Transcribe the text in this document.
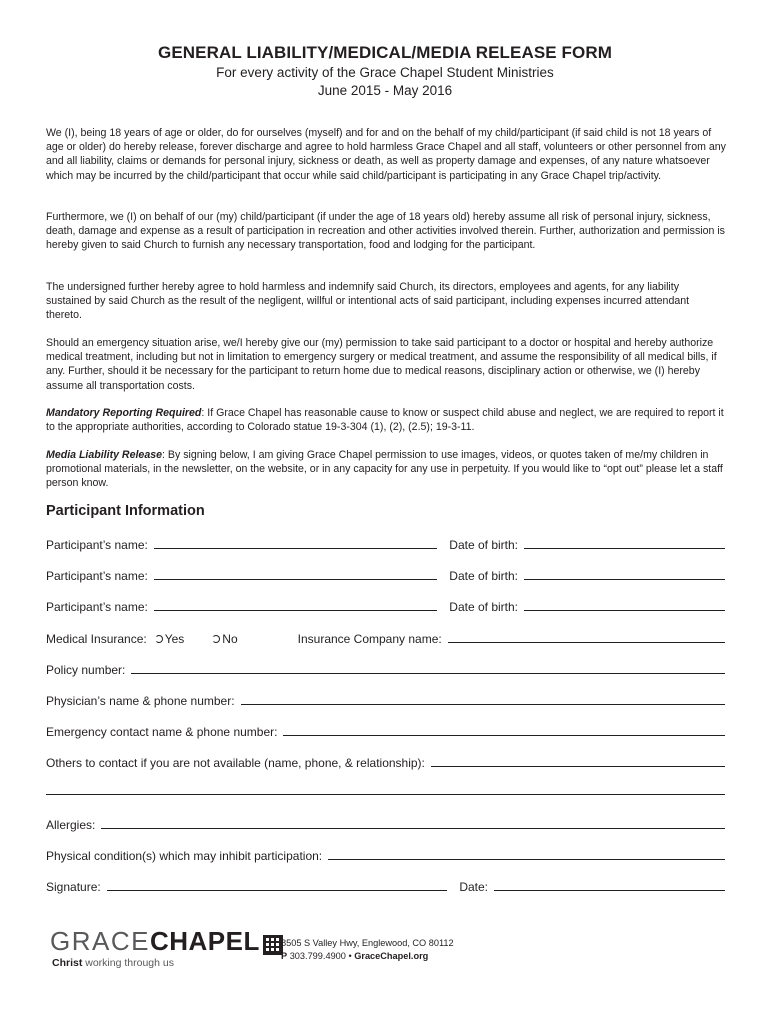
GENERAL LIABILITY/MEDICAL/MEDIA RELEASE FORM
For every activity of the Grace Chapel Student Ministries
June 2015 - May 2016

We (I), being 18 years of age or older, do for ourselves (myself) and for and on the behalf of my child/participant (if said child is not 18 years of age or older) do hereby release, forever discharge and agree to hold harmless Grace Chapel and all staff, volunteers or other personnel from any and all liability, claims or demands for personal injury, sickness or death, as well as property damage and expenses, of any nature whatsoever which may be incurred by the child/participant that occur while said child/participant is participating in any Grace Chapel trip/activity.

Furthermore, we (I) on behalf of our (my) child/participant (if under the age of 18 years old) hereby assume all risk of personal injury, sickness, death, damage and expense as a result of participation in recreation and other activities involved therein. Further, authorization and permission is hereby given to said Church to furnish any necessary transportation, food and lodging for the participant.

The undersigned further hereby agree to hold harmless and indemnify said Church, its directors, employees and agents, for any liability sustained by said Church as the result of the negligent, willful or intentional acts of said participant, including expenses incurred attendant thereto.

Should an emergency situation arise, we/I hereby give our (my) permission to take said participant to a doctor or hospital and hereby authorize medical treatment, including but not in limitation to emergency surgery or medical treatment, and assume the responsibility of all medical bills, if any. Further, should it be necessary for the participant to return home due to medical reasons, disciplinary action or otherwise, we (I) hereby assume all transportation costs.

Mandatory Reporting Required: If Grace Chapel has reasonable cause to know or suspect child abuse and neglect, we are required to report it to the appropriate authorities, according to Colorado statue 19-3-304 (1), (2), (2.5); 19-3-11.

Media Liability Release: By signing below, I am giving Grace Chapel permission to use images, videos, or quotes taken of me/my children in promotional materials, in the newsletter, on the website, or in any capacity for any use in perpetuity. If you would like to “opt out” please let a staff person know.

Participant Information
Participant’s name:	Date of birth:
Participant’s name:	Date of birth:
Participant’s name:	Date of birth:
Medical Insurance:	Yes	No	Insurance Company name:
Policy number:
Physician’s name & phone number:
Emergency contact name & phone number:
Others to contact if you are not available (name, phone, & relationship):
Allergies:
Physical condition(s) which may inhibit participation:
Signature:	Date:
GRACE CHAPEL
Christ working through us
8505 S Valley Hwy, Englewood, CO 80112
P 303.799.4900 • GraceChapel.org
